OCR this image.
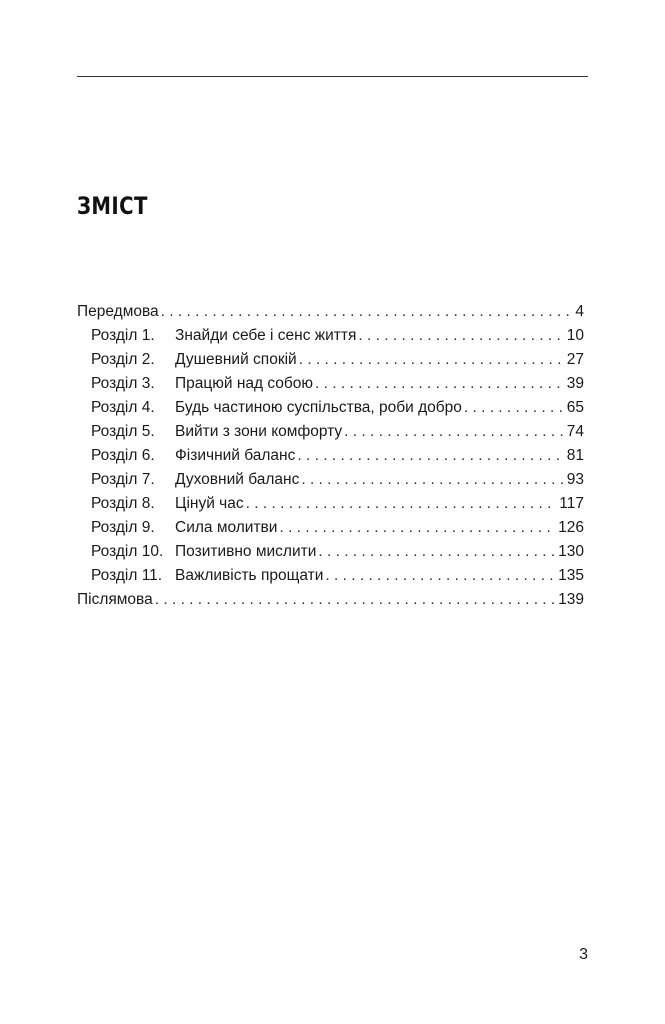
ЗМІСТ
Передмова . . .	4
Розділ 1.	Знайди себе і сенс життя . . .	10
Розділ 2.	Душевний спокій . . .	27
Розділ 3.	Працюй над собою . . .	39
Розділ 4.	Будь частиною суспільства, роби добро . . .	65
Розділ 5.	Вийти з зони комфорту . . .	74
Розділ 6.	Фізичний баланс . . .	81
Розділ 7.	Духовний баланс . . .	93
Розділ 8.	Цінуй час . . .	117
Розділ 9.	Сила молитви . . .	126
Розділ 10. Позитивно мислити . . .	130
Розділ 11. Важливість прощати . . .	135
Післямова . . .	139
3
